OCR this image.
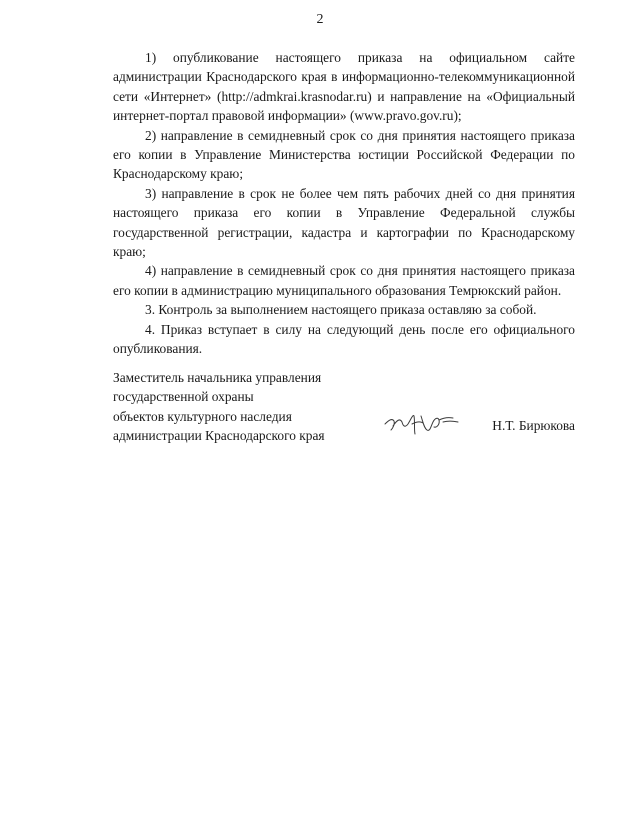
2

1) опубликование настоящего приказа на официальном сайте администрации Краснодарского края в информационно-телекоммуникационной сети «Интернет» (http://admkrai.krasnodar.ru) и направление на «Официальный интернет-портал правовой информации» (www.pravo.gov.ru);

2) направление в семидневный срок со дня принятия настоящего приказа его копии в Управление Министерства юстиции Российской Федерации по Краснодарскому краю;

3) направление в срок не более чем пять рабочих дней со дня принятия настоящего приказа его копии в Управление Федеральной службы государственной регистрации, кадастра и картографии по Краснодарскому краю;

4) направление в семидневный срок со дня принятия настоящего приказа его копии в администрацию муниципального образования Темрюкский район.

3. Контроль за выполнением настоящего приказа оставляю за собой.

4. Приказ вступает в силу на следующий день после его официального опубликования.

Заместитель начальника управления

государственной охраны

объектов культурного наследия

администрации Краснодарского края

Н.Т. Бирюкова
